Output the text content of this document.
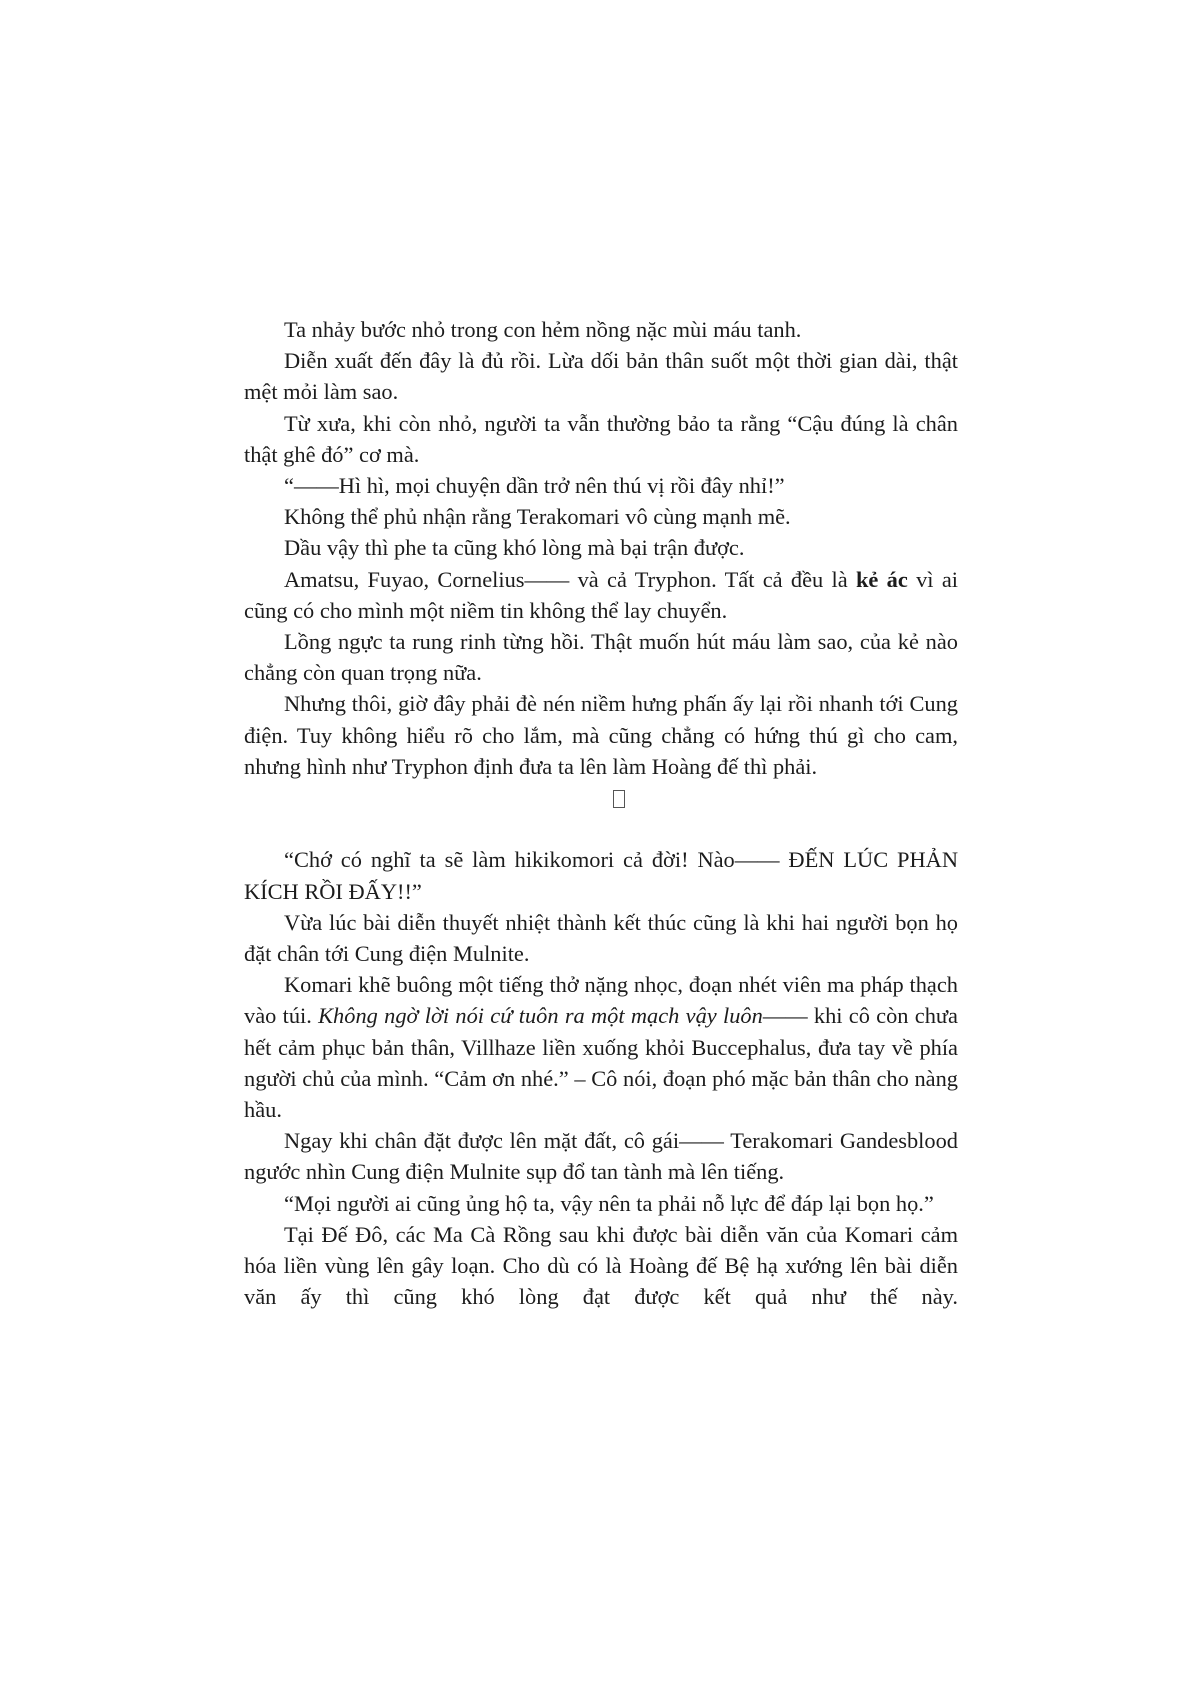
Ta nhảy bước nhỏ trong con hẻm nồng nặc mùi máu tanh.

Diễn xuất đến đây là đủ rồi. Lừa dối bản thân suốt một thời gian dài, thật mệt mỏi làm sao.

Từ xưa, khi còn nhỏ, người ta vẫn thường bảo ta rằng “Cậu đúng là chân thật ghê đó” cơ mà.

“——Hì hì, mọi chuyện dần trở nên thú vị rồi đây nhỉ!”

Không thể phủ nhận rằng Terakomari vô cùng mạnh mẽ.

Dầu vậy thì phe ta cũng khó lòng mà bại trận được.

Amatsu, Fuyao, Cornelius—— và cả Tryphon. Tất cả đều là kẻ ác vì ai cũng có cho mình một niềm tin không thể lay chuyển.

Lồng ngực ta rung rinh từng hồi. Thật muốn hút máu làm sao, của kẻ nào chẳng còn quan trọng nữa.

Nhưng thôi, giờ đây phải đè nén niềm hưng phấn ấy lại rồi nhanh tới Cung điện. Tuy không hiểu rõ cho lắm, mà cũng chẳng có hứng thú gì cho cam, nhưng hình như Tryphon định đưa ta lên làm Hoàng đế thì phải.

“Chớ có nghĩ ta sẽ làm hikikomori cả đời! Nào—— ĐẾN LÚC PHẢN KÍCH RỒI ĐẤY!!”

Vừa lúc bài diễn thuyết nhiệt thành kết thúc cũng là khi hai người bọn họ đặt chân tới Cung điện Mulnite.

Komari khẽ buông một tiếng thở nặng nhọc, đoạn nhét viên ma pháp thạch vào túi. Không ngờ lời nói cứ tuôn ra một mạch vậy luôn—— khi cô còn chưa hết cảm phục bản thân, Villhaze liền xuống khỏi Buccephalus, đưa tay về phía người chủ của mình. “Cảm ơn nhé.” – Cô nói, đoạn phó mặc bản thân cho nàng hầu.

Ngay khi chân đặt được lên mặt đất, cô gái—— Terakomari Gandesblood ngước nhìn Cung điện Mulnite sụp đổ tan tành mà lên tiếng.

“Mọi người ai cũng ủng hộ ta, vậy nên ta phải nỗ lực để đáp lại bọn họ.”

Tại Đế Đô, các Ma Cà Rồng sau khi được bài diễn văn của Komari cảm hóa liền vùng lên gây loạn. Cho dù có là Hoàng đế Bệ hạ xướng lên bài diễn văn ấy thì cũng khó lòng đạt được kết quả như thế này.
